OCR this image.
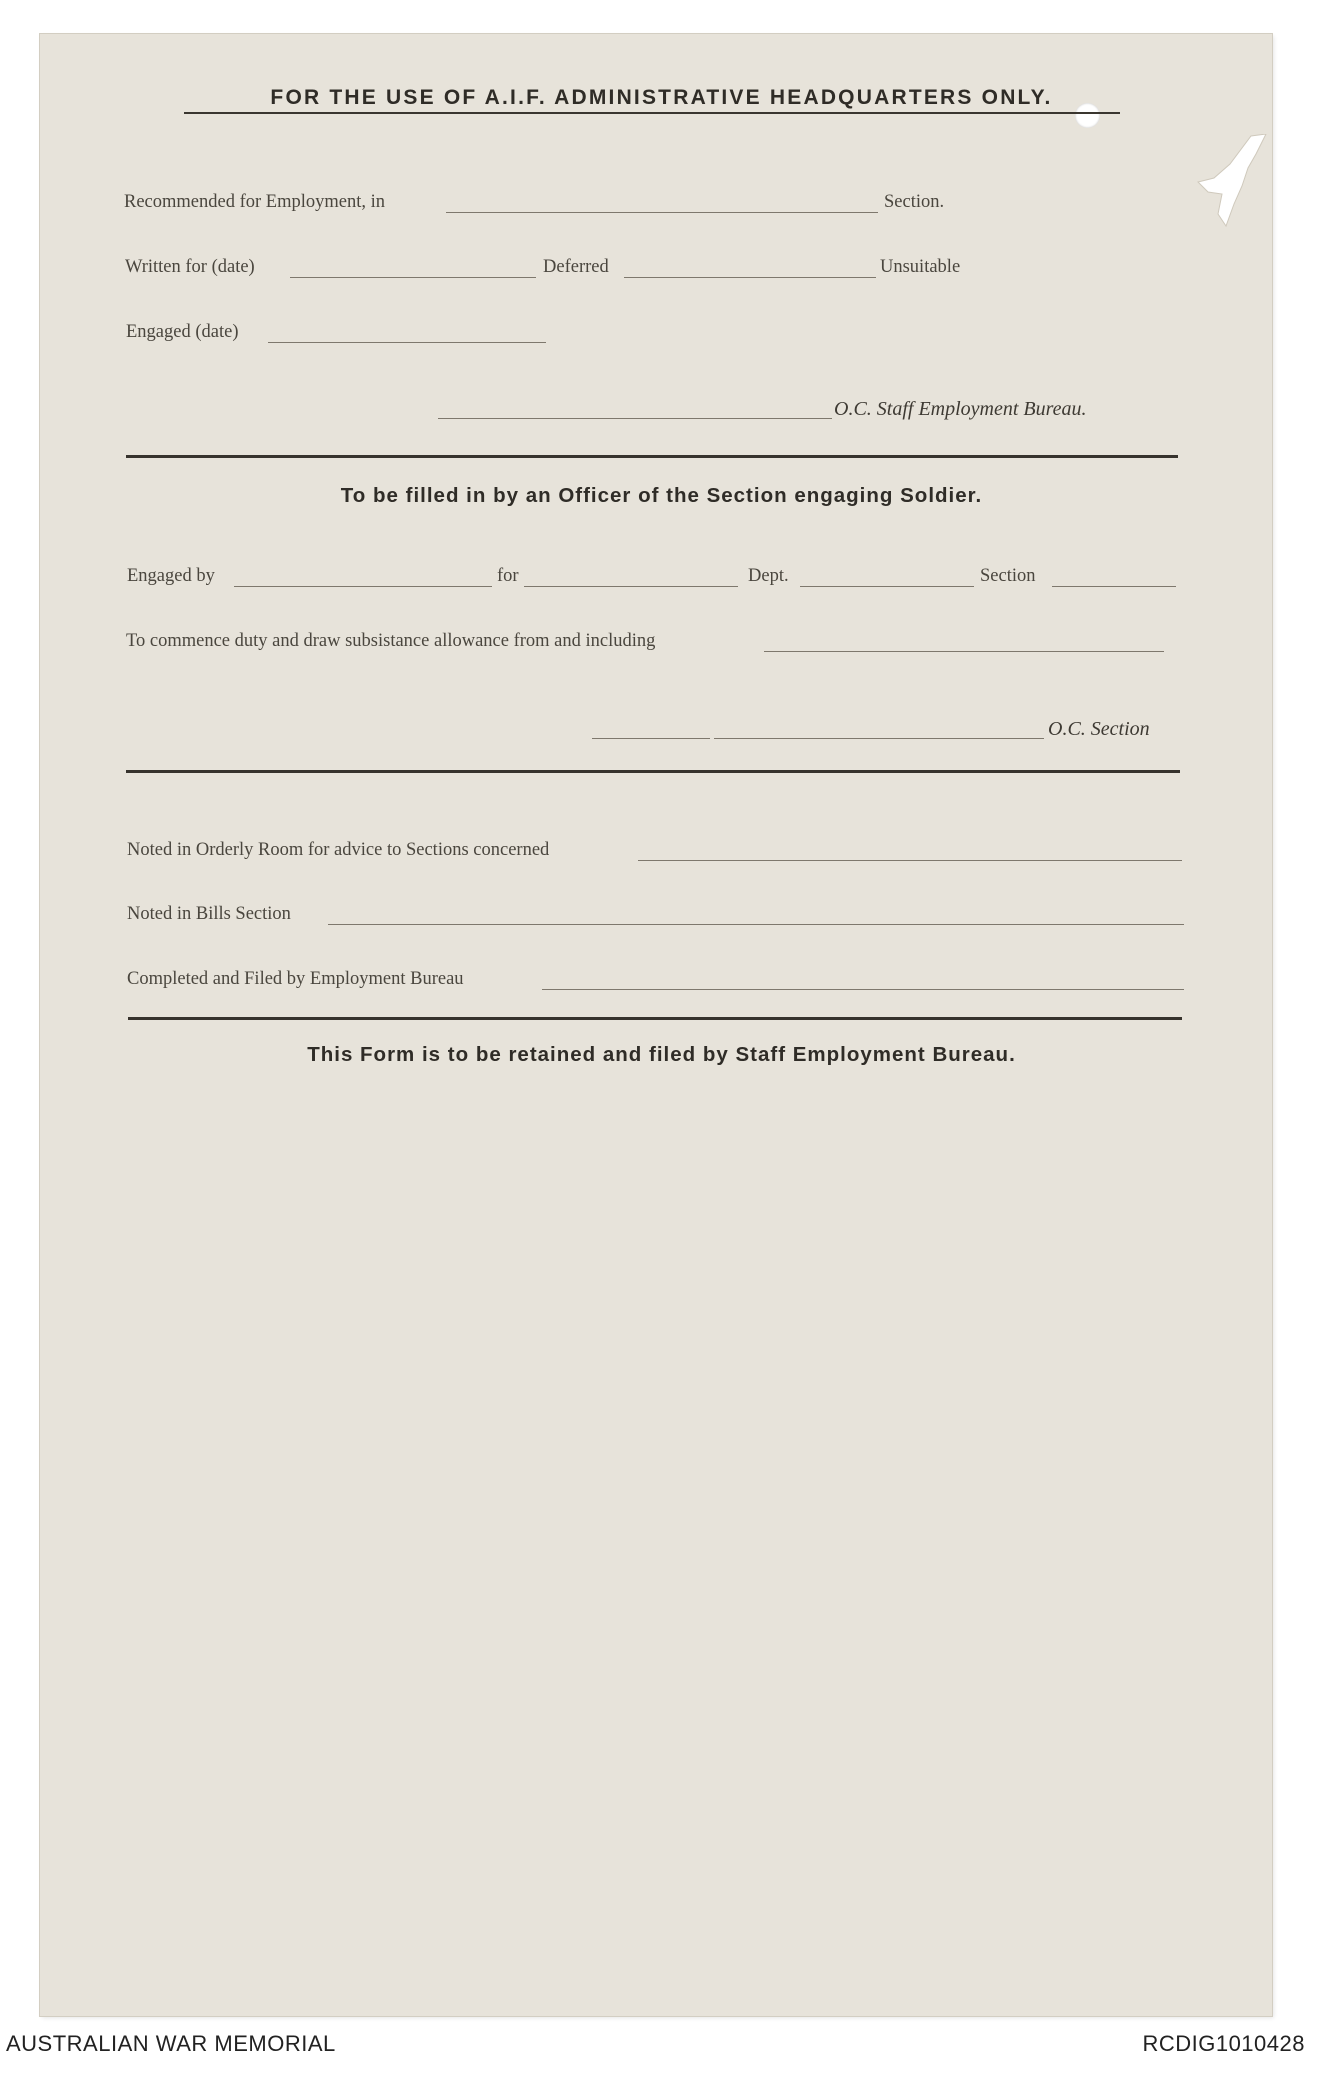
FOR THE USE OF A.I.F. ADMINISTRATIVE HEADQUARTERS ONLY.
Recommended for Employment, in	Section.
Written for (date)	Deferred	Unsuitable
Engaged (date)
O.C. Staff Employment Bureau.
To be filled in by an Officer of the Section engaging Soldier.
Engaged by	for	Dept.	Section
To commence duty and draw subsistance allowance from and including
O.C. Section
Noted in Orderly Room for advice to Sections concerned
Noted in Bills Section
Completed and Filed by Employment Bureau
This Form is to be retained and filed by Staff Employment Bureau.
AUSTRALIAN WAR MEMORIAL	RCDIG1010428
